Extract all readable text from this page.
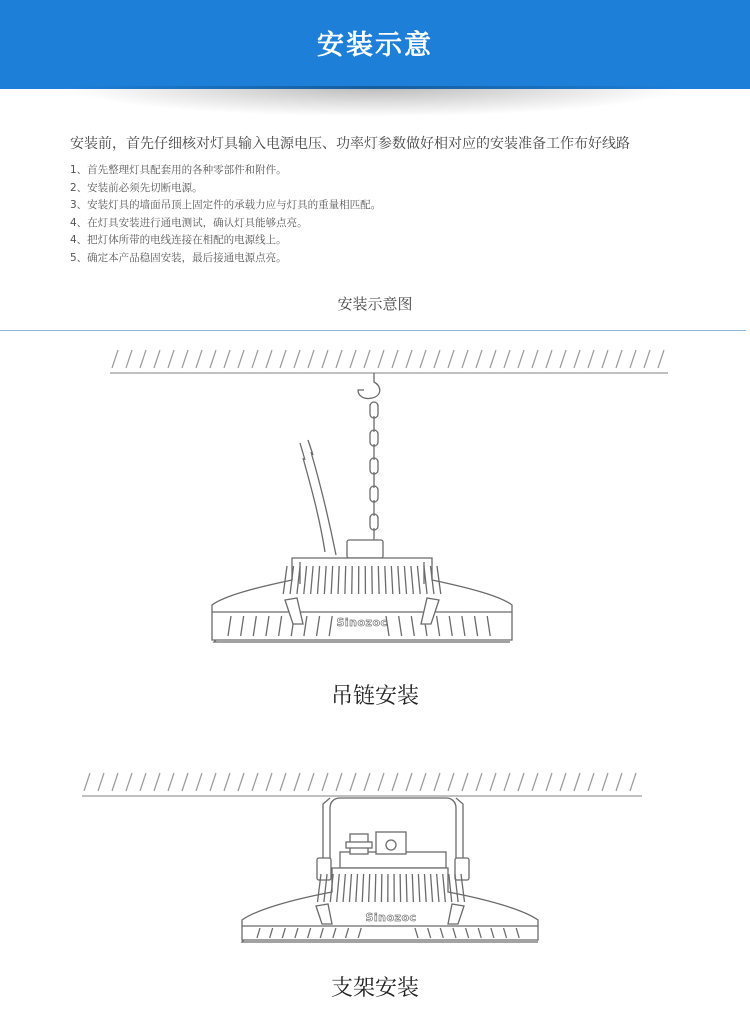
安装示意
安装前，首先仔细核对灯具输入电源电压、功率灯参数做好相对应的安装准备工作布好线路
1、首先整理灯具配套用的各种零部件和附件。
2、安装前必须先切断电源。
3、安装灯具的墙面吊顶上固定件的承载力应与灯具的重量相匹配。
4、在灯具安装进行通电测试，确认灯具能够点亮。
4、把灯体所带的电线连接在相配的电源线上。
5、确定本产品稳固安装，最后接通电源点亮。
安装示意图
Sinozoc
吊链安装
Sinozoc
支架安装
